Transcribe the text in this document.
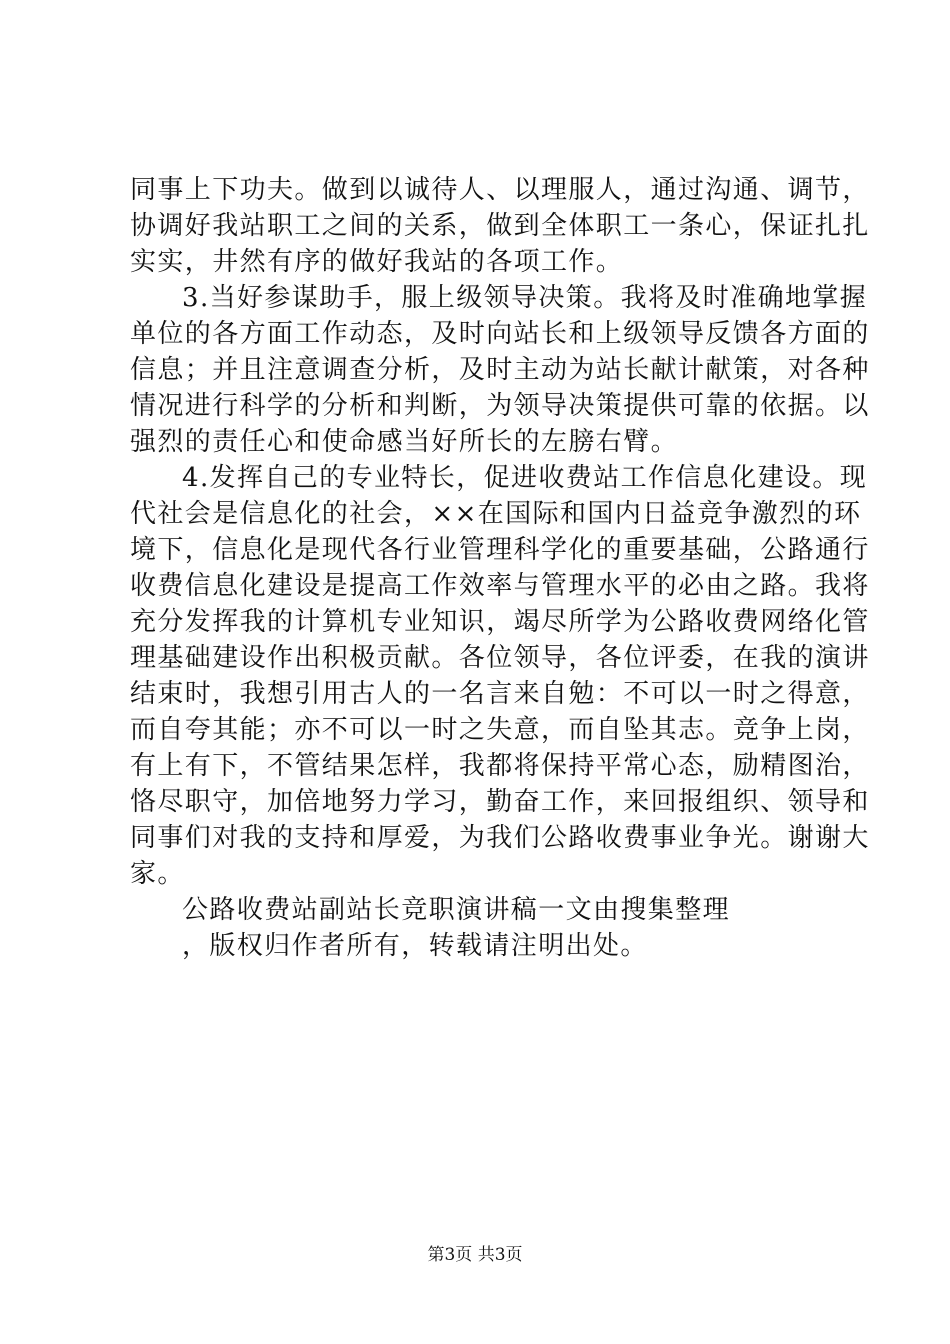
同事上下功夫。做到以诚待人、以理服人，通过沟通、调节，
协调好我站职工之间的关系，做到全体职工一条心，保证扎扎
实实，井然有序的做好我站的各项工作。
3.当好参谋助手，服上级领导决策。我将及时准确地掌握
单位的各方面工作动态，及时向站长和上级领导反馈各方面的
信息；并且注意调查分析，及时主动为站长献计献策，对各种
情况进行科学的分析和判断，为领导决策提供可靠的依据。以
强烈的责任心和使命感当好所长的左膀右臂。
4.发挥自己的专业特长，促进收费站工作信息化建设。现
代社会是信息化的社会，××在国际和国内日益竞争激烈的环
境下，信息化是现代各行业管理科学化的重要基础，公路通行
收费信息化建设是提高工作效率与管理水平的必由之路。我将
充分发挥我的计算机专业知识，竭尽所学为公路收费网络化管
理基础建设作出积极贡献。各位领导，各位评委，在我的演讲
结束时，我想引用古人的一名言来自勉：不可以一时之得意，
而自夸其能；亦不可以一时之失意，而自坠其志。竞争上岗，
有上有下，不管结果怎样，我都将保持平常心态，励精图治，
恪尽职守，加倍地努力学习，勤奋工作，来回报组织、领导和
同事们对我的支持和厚爱，为我们公路收费事业争光。谢谢大
家。
公路收费站副站长竞职演讲稿一文由搜集整理
，版权归作者所有，转载请注明出处。
第3页 共3页
